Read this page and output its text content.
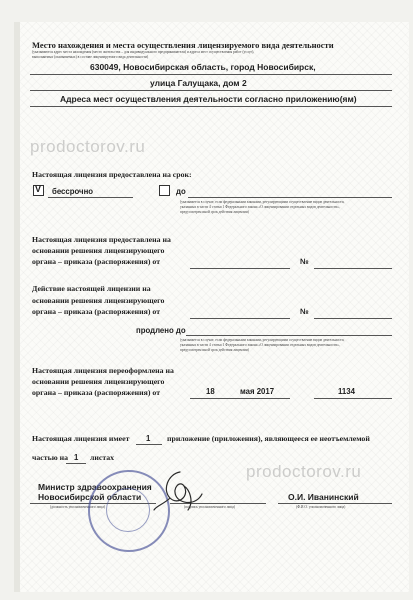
Место нахождения и места осуществления лицензируемого вида деятельности
(указываются адрес места нахождения (место жительства – для индивидуального предпринимателя) и адреса мест осуществления работ (услуг),
выполняемых (оказываемых) в составе лицензируемого вида деятельности)
630049, Новосибирская область, город Новосибирск,
улица Галущака, дом 2
Адреса мест осуществления деятельности согласно приложению(ям)
prodoctorov.ru
Настоящая лицензия предоставлена на срок:
V бессрочно	до
(указывается в случае, если федеральными законами, регулирующими осуществление видов деятельности,
указанных в части 4 статьи 1 Федерального закона «О лицензировании отдельных видов деятельности»,
предусмотрен иной срок действия лицензии)
Настоящая лицензия предоставлена на
основании решения лицензирующего
органа – приказа (распоряжения) от	№
Действие настоящей лицензии на
основании решения лицензирующего
органа – приказа (распоряжения) от	№
продлено до
(указывается в случае, если федеральными законами, регулирующими осуществление видов деятельности,
указанных в части 4 статьи 1 Федерального закона «О лицензировании отдельных видов деятельности»,
предусмотрен иной срок действия лицензии)
Настоящая лицензия переоформлена на
основании решения лицензирующего
органа – приказа (распоряжения) от	18	мая 2017	1134
Настоящая лицензия имеет 1 приложение (приложения), являющееся ее неотъемлемой
частью на 1 листах
prodoctorov.ru
Министр здравоохранения
Новосибирской области
(должность уполномоченного лица)	(подпись уполномоченного лица)
О.И. Иванинский
(Ф.И.О. уполномоченного лица)
